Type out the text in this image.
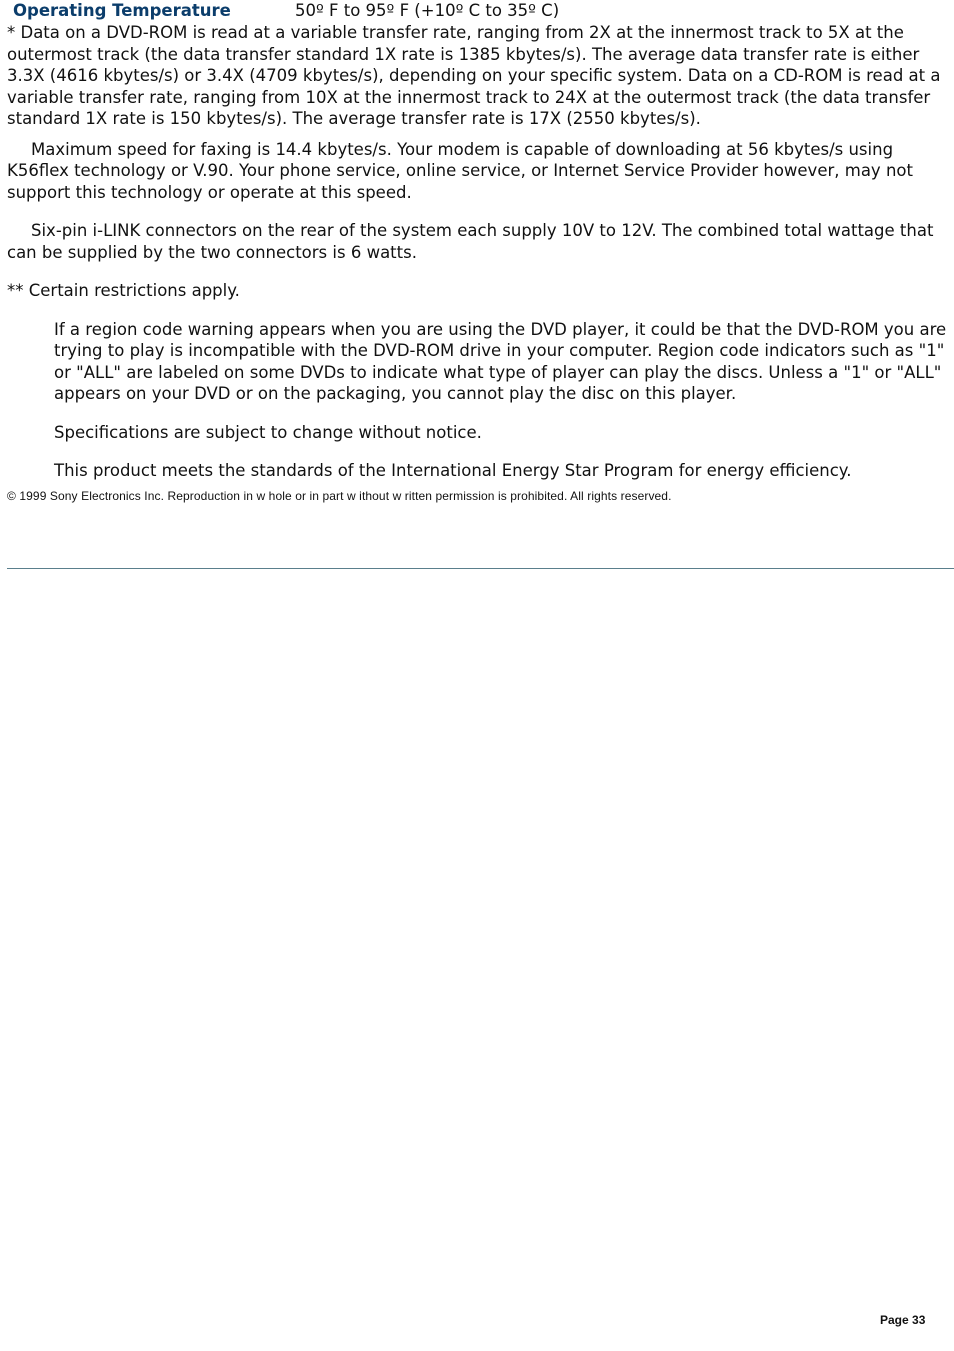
Operating Temperature	50º F to 95º F (+10º C to 35º C)

* Data on a DVD-ROM is read at a variable transfer rate, ranging from 2X at the innermost track to 5X at the outermost track (the data transfer standard 1X rate is 1385 kbytes/s). The average data transfer rate is either 3.3X (4616 kbytes/s) or 3.4X (4709 kbytes/s), depending on your specific system. Data on a CD-ROM is read at a variable transfer rate, ranging from 10X at the innermost track to 24X at the outermost track (the data transfer standard 1X rate is 150 kbytes/s). The average transfer rate is 17X (2550 kbytes/s).

Maximum speed for faxing is 14.4 kbytes/s. Your modem is capable of downloading at 56 kbytes/s using K56flex technology or V.90. Your phone service, online service, or Internet Service Provider however, may not support this technology or operate at this speed.

Six-pin i-LINK connectors on the rear of the system each supply 10V to 12V. The combined total wattage that can be supplied by the two connectors is 6 watts.

** Certain restrictions apply.

If a region code warning appears when you are using the DVD player, it could be that the DVD-ROM you are trying to play is incompatible with the DVD-ROM drive in your computer. Region code indicators such as "1" or "ALL" are labeled on some DVDs to indicate what type of player can play the discs. Unless a "1" or "ALL" appears on your DVD or on the packaging, you cannot play the disc on this player.

Specifications are subject to change without notice.

This product meets the standards of the International Energy Star Program for energy efficiency.

© 1999 Sony Electronics Inc. Reproduction in w hole or in part w ithout w ritten permission is prohibited. All rights reserved.
Page 33
